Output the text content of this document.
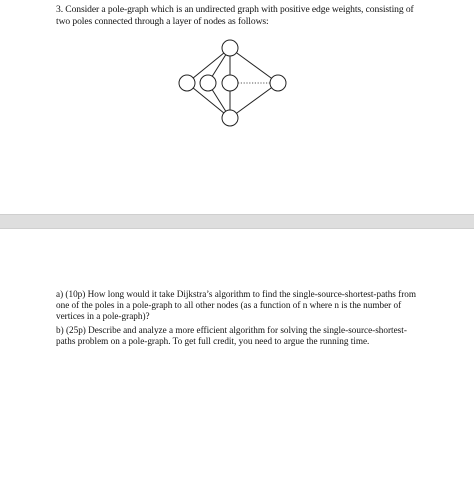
3. Consider a pole-graph which is an undirected graph with positive edge weights, consisting of
two poles connected through a layer of nodes as follows:
a) (10p) How long would it take Dijkstra’s algorithm to find the single-source-shortest-paths from
one of the poles in a pole-graph to all other nodes (as a function of n where n is the number of
vertices in a pole-graph)?
b) (25p) Describe and analyze a more efficient algorithm for solving the single-source-shortest-
paths problem on a pole-graph. To get full credit, you need to argue the running time.
